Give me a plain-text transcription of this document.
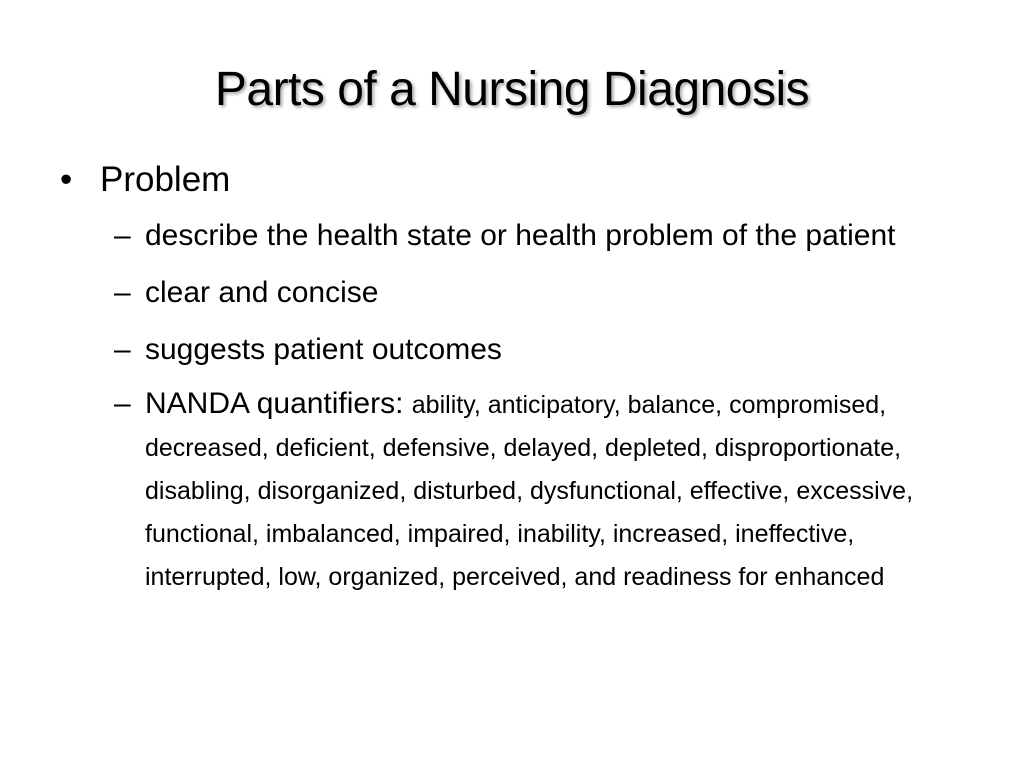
Parts of a Nursing Diagnosis
• Problem
– describe the health state or health problem of the patient
– clear and concise
– suggests patient outcomes
– NANDA quantifiers: ability, anticipatory, balance, compromised, decreased, deficient, defensive, delayed, depleted, disproportionate, disabling, disorganized, disturbed, dysfunctional, effective, excessive, functional, imbalanced, impaired, inability, increased, ineffective, interrupted, low, organized, perceived, and readiness for enhanced
